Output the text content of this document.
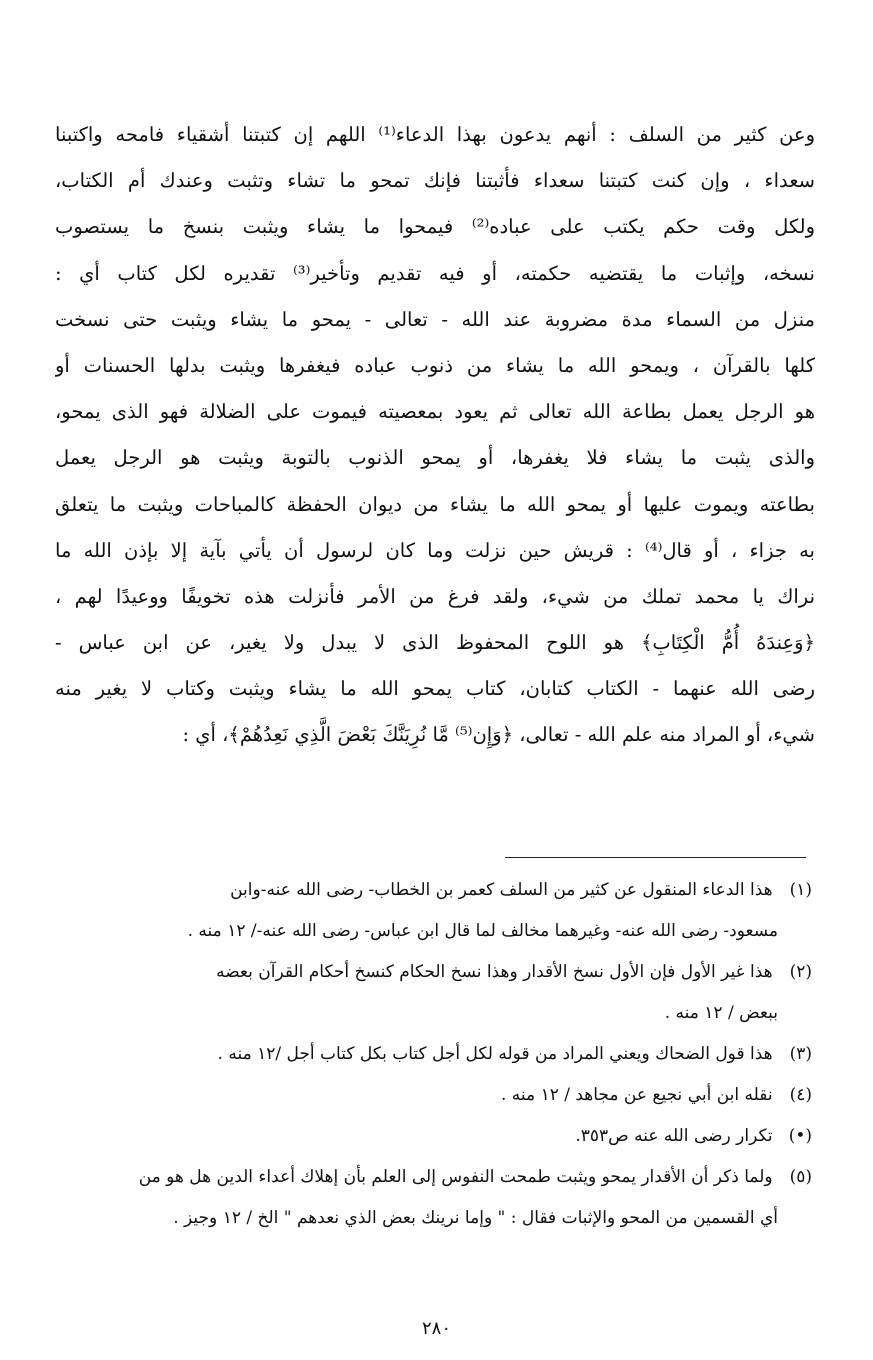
وعن كثير من السلف : أنهم يدعون بهذا الدعاء⁽¹⁾ اللهم إن كتبتنا أشقياء فامحه واكتبنا
سعداء ، وإن كنت كتبتنا سعداء فأثبتنا فإنك تمحو ما تشاء وتثبت وعندك أم الكتاب،
ولكل وقت حكم يكتب على عباده⁽²⁾ فيمحوا ما يشاء ويثبت بنسخ ما يستصوب
نسخه، وإثبات ما يقتضيه حكمته، أو فيه تقديم وتأخير⁽³⁾ تقديره لكل كتاب أي :
منزل من السماء مدة مضروبة عند الله - تعالى - يمحو ما يشاء ويثبت حتى نسخت
كلها بالقرآن ، ويمحو الله ما يشاء من ذنوب عباده فيغفرها ويثبت بدلها الحسنات أو
هو الرجل يعمل بطاعة الله تعالى ثم يعود بمعصيته فيموت على الضلالة فهو الذى يمحو،
والذى يثبت ما يشاء فلا يغفرها، أو يمحو الذنوب بالتوبة ويثبت هو الرجل يعمل
بطاعته ويموت عليها أو يمحو الله ما يشاء من ديوان الحفظة كالمباحات ويثبت ما يتعلق
به جزاء ، أو قال⁽⁴⁾ : قريش حين نزلت وما كان لرسول أن يأتي بآية إلا بإذن الله ما
نراك يا محمد تملك من شيء، ولقد فرغ من الأمر فأنزلت هذه تخويفًا ووعيدًا لهم ،
﴿وَعِندَهُ أُمُّ الْكِتَابِ﴾ هو اللوح المحفوظ الذى لا يبدل ولا يغير، عن ابن عباس -
رضى الله عنهما - الكتاب كتابان، كتاب يمحو الله ما يشاء ويثبت وكتاب لا يغير منه
شيء، أو المراد منه علم الله - تعالى، ﴿وَإِن⁽⁵⁾ مَّا نُرِيَنَّكَ بَعْضَ الَّذِي نَعِدُهُمْ﴾، أي :
(١) هذا الدعاء المنقول عن كثير من السلف كعمر بن الخطاب- رضى الله عنه-وابن
مسعود- رضى الله عنه- وغيرهما مخالف لما قال ابن عباس- رضى الله عنه-/ ١٢ منه .
(٢) هذا غير الأول فإن الأول نسخ الأقدار وهذا نسخ الحكام كنسخ أحكام القرآن بعضه
ببعض / ١٢ منه .
(٣) هذا قول الضحاك ويعني المراد من قوله لكل أجل كتاب بكل كتاب أجل /١٢ منه .
(٤) نقله ابن أبي نجيع عن مجاهد / ١٢ منه .
(•) تكرار رضى الله عنه ص٣٥٣.
(٥) ولما ذكر أن الأقدار يمحو ويثبت طمحت النفوس إلى العلم بأن إهلاك أعداء الدين هل هو من
أي القسمين من المحو والإثبات فقال : " وإما نرينك بعض الذي نعدهم " الخ / ١٢ وجيز .
٢٨٠
